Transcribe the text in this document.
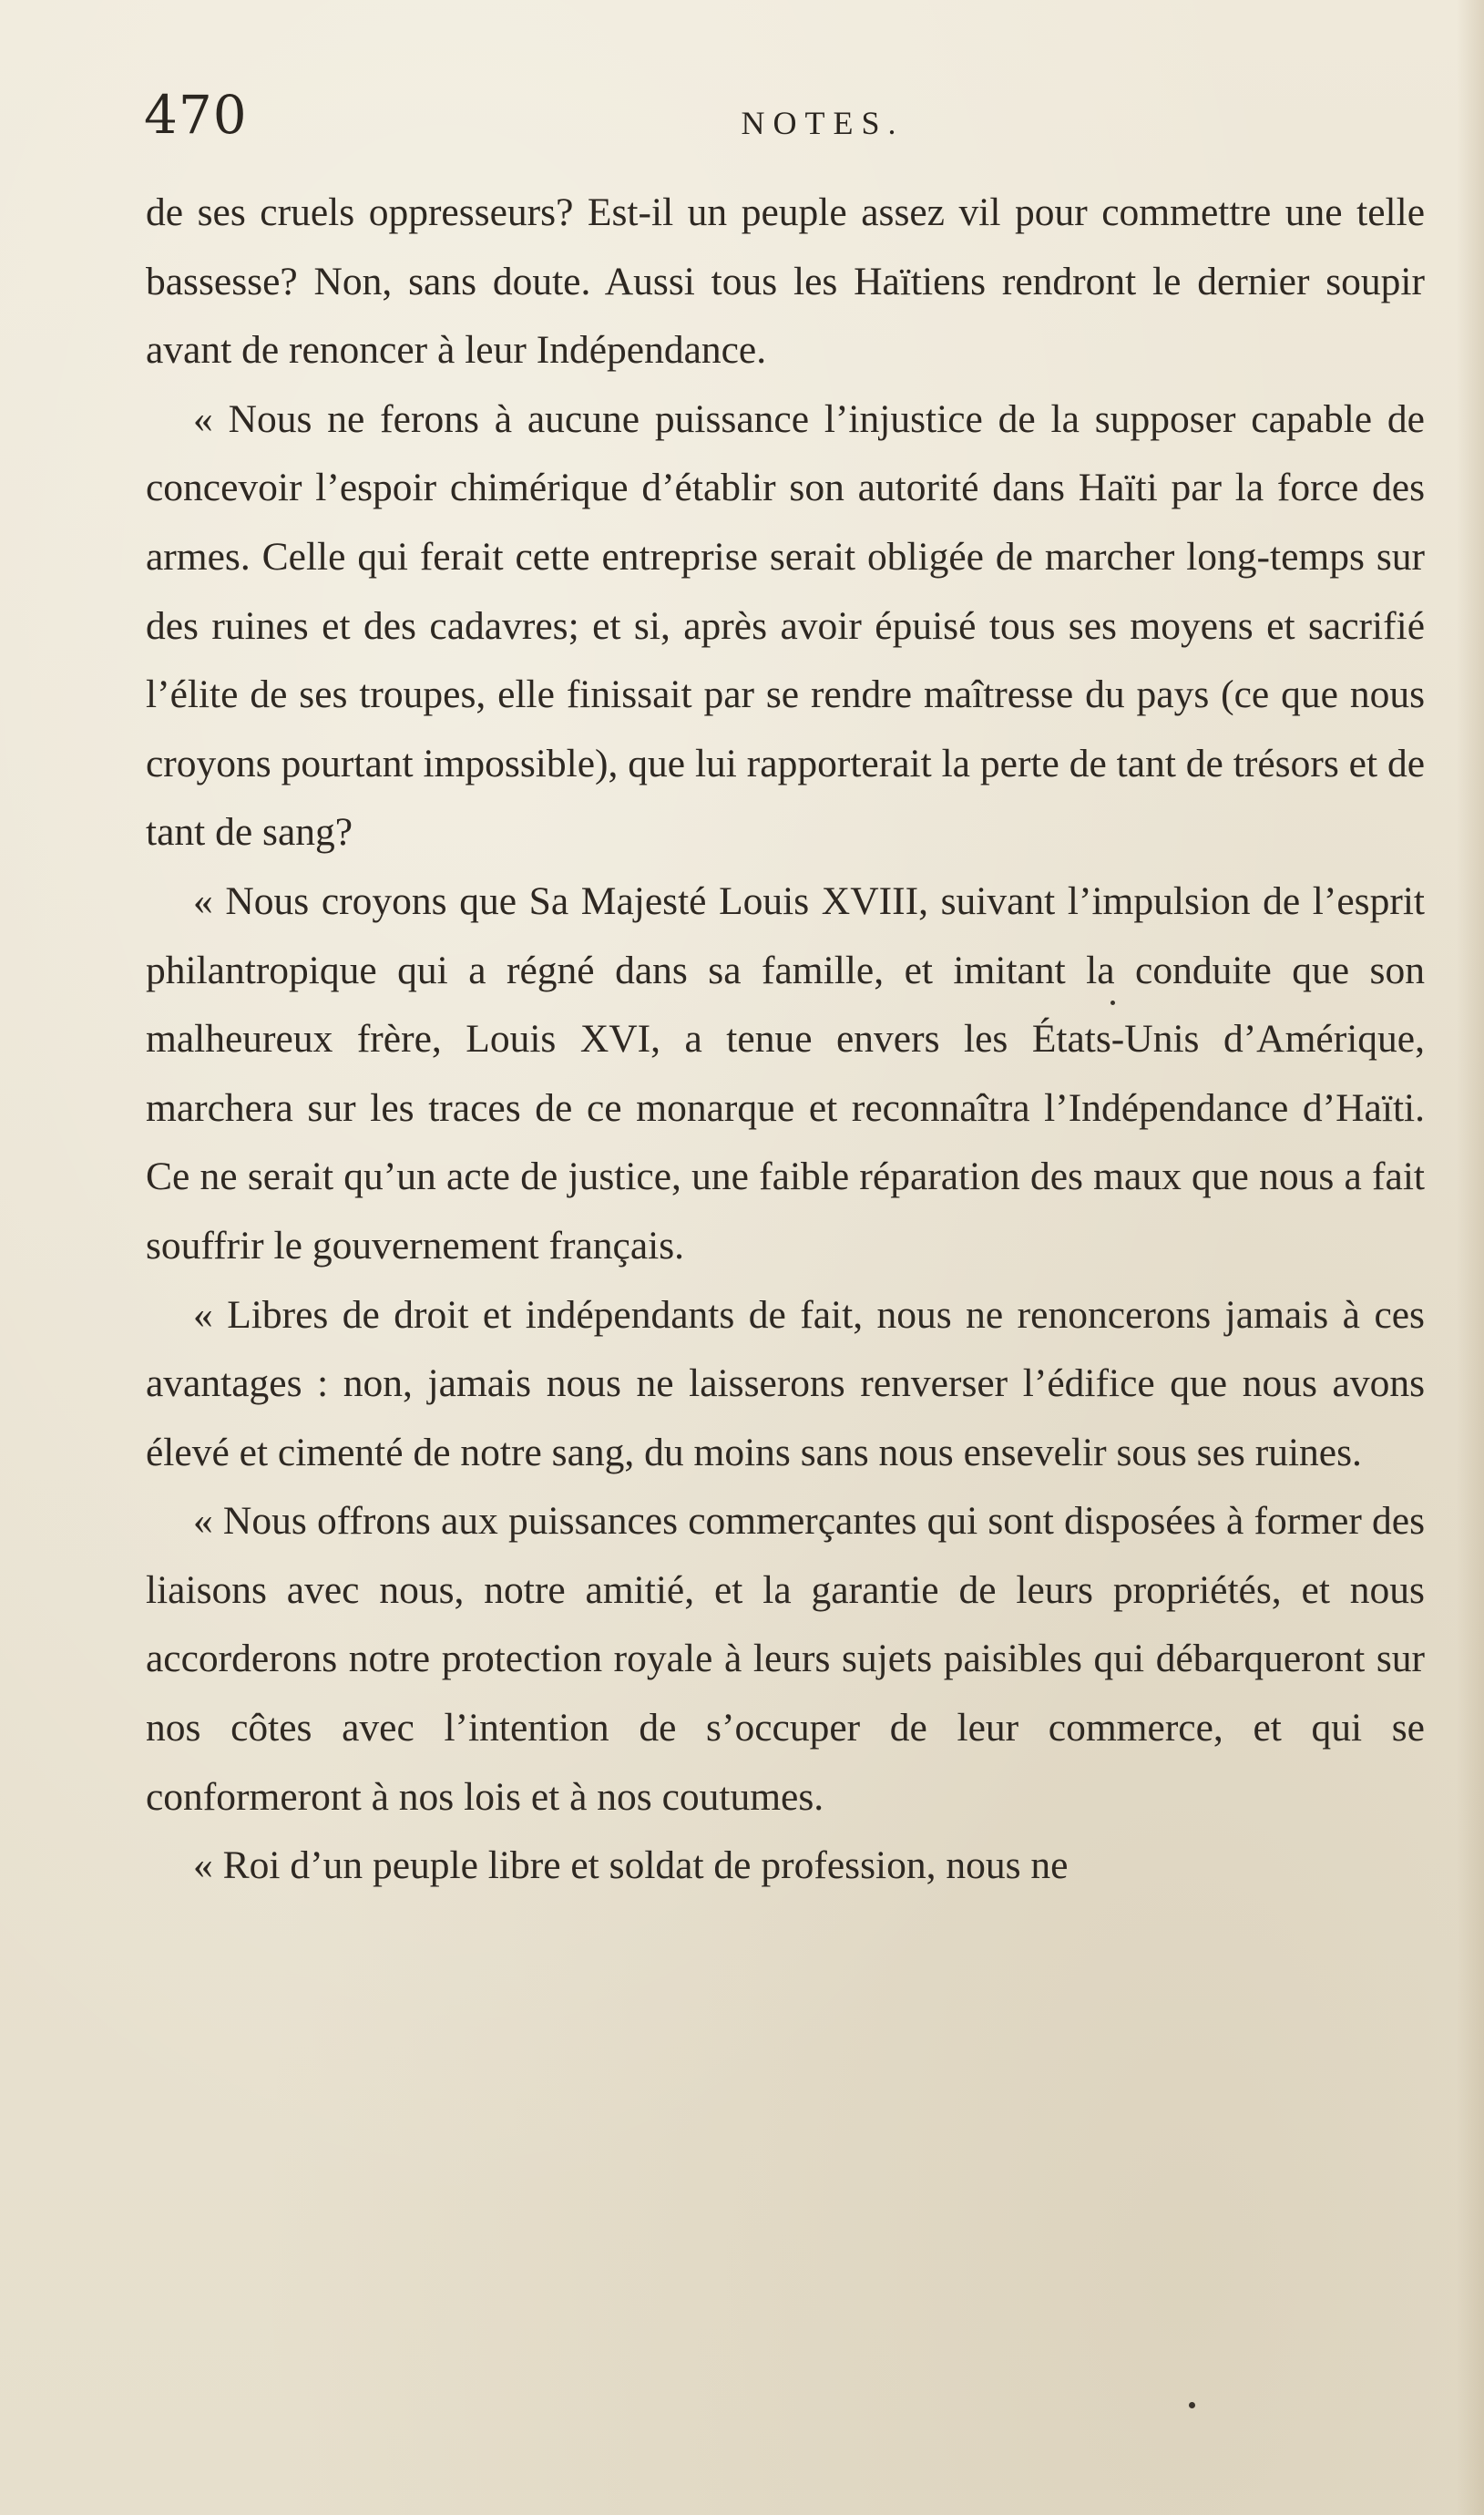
470	NOTES.

de ses cruels oppresseurs? Est-il un peuple assez vil pour commettre une telle bassesse? Non, sans doute. Aussi tous les Haïtiens rendront le dernier soupir avant de renoncer à leur Indépendance.

« Nous ne ferons à aucune puissance l’injustice de la supposer capable de concevoir l’espoir chimérique d’établir son autorité dans Haïti par la force des armes. Celle qui ferait cette entreprise serait obligée de marcher long-temps sur des ruines et des cadavres; et si, après avoir épuisé tous ses moyens et sacrifié l’élite de ses troupes, elle finissait par se rendre maîtresse du pays (ce que nous croyons pourtant impossible), que lui rapporterait la perte de tant de trésors et de tant de sang?

« Nous croyons que Sa Majesté Louis XVIII, suivant l’impulsion de l’esprit philantropique qui a régné dans sa famille, et imitant la conduite que son malheureux frère, Louis XVI, a tenue envers les États-Unis d’Amérique, marchera sur les traces de ce monarque et reconnaîtra l’Indépendance d’Haïti. Ce ne serait qu’un acte de justice, une faible réparation des maux que nous a fait souffrir le gouvernement français.

« Libres de droit et indépendants de fait, nous ne renoncerons jamais à ces avantages : non, jamais nous ne laisserons renverser l’édifice que nous avons élevé et cimenté de notre sang, du moins sans nous ensevelir sous ses ruines.

« Nous offrons aux puissances commerçantes qui sont disposées à former des liaisons avec nous, notre amitié, et la garantie de leurs propriétés, et nous accorderons notre protection royale à leurs sujets paisibles qui débarqueront sur nos côtes avec l’intention de s’occuper de leur commerce, et qui se conformeront à nos lois et à nos coutumes.

« Roi d’un peuple libre et soldat de profession, nous ne
